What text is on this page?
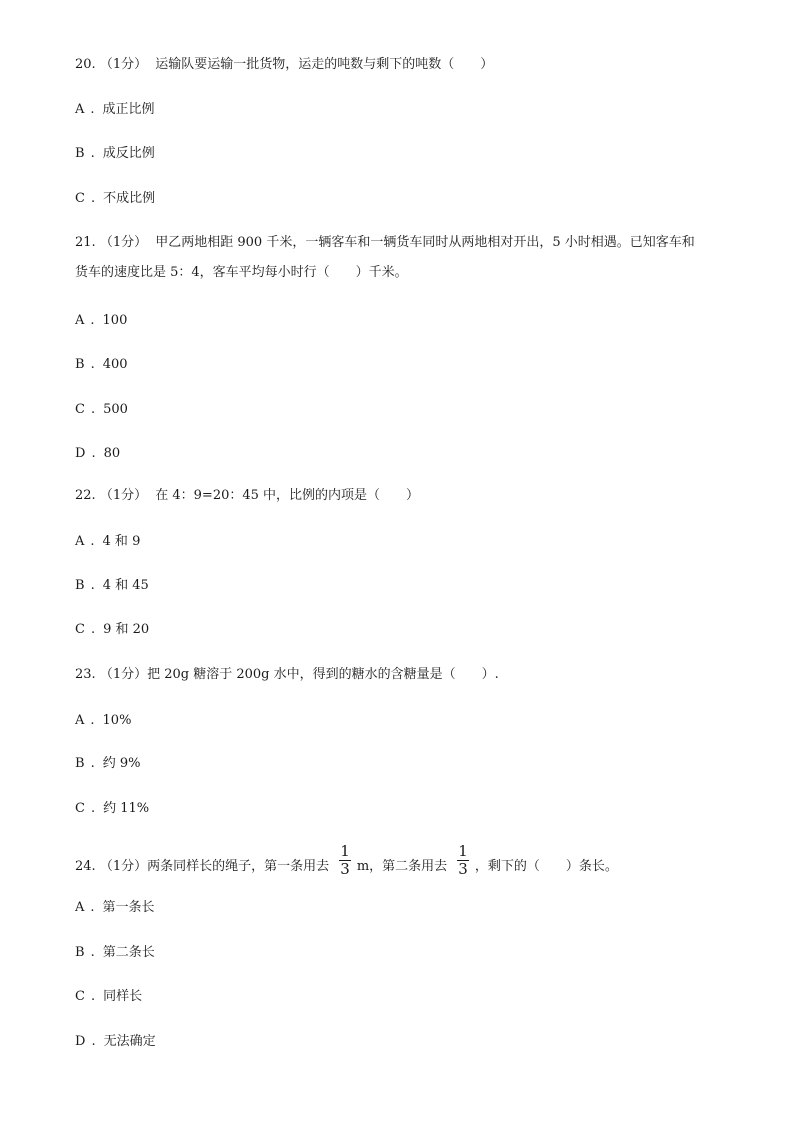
20. （1分） 运输队要运输一批货物，运走的吨数与剩下的吨数（　　）
A . 成正比例
B . 成反比例
C . 不成比例
21. （1分） 甲乙两地相距 900 千米，一辆客车和一辆货车同时从两地相对开出，5 小时相遇。已知客车和
货车的速度比是 5：4，客车平均每小时行（　　）千米。
A . 100
B . 400
C . 500
D . 80
22. （1分） 在 4：9=20：45 中，比例的内项是（　　）
A . 4 和 9
B . 4 和 45
C . 9 和 20
23. （1分）把 20g 糖溶于 200g 水中，得到的糖水的含糖量是（　　）.
A . 10%
B . 约 9%
C . 约 11%
24. （1分）两条同样长的绳子，第一条用去 $\frac{1}{3}$ m，第二条用去 $\frac{1}{3}$ ，剩下的（　　）条长。
A . 第一条长
B . 第二条长
C . 同样长
D . 无法确定
